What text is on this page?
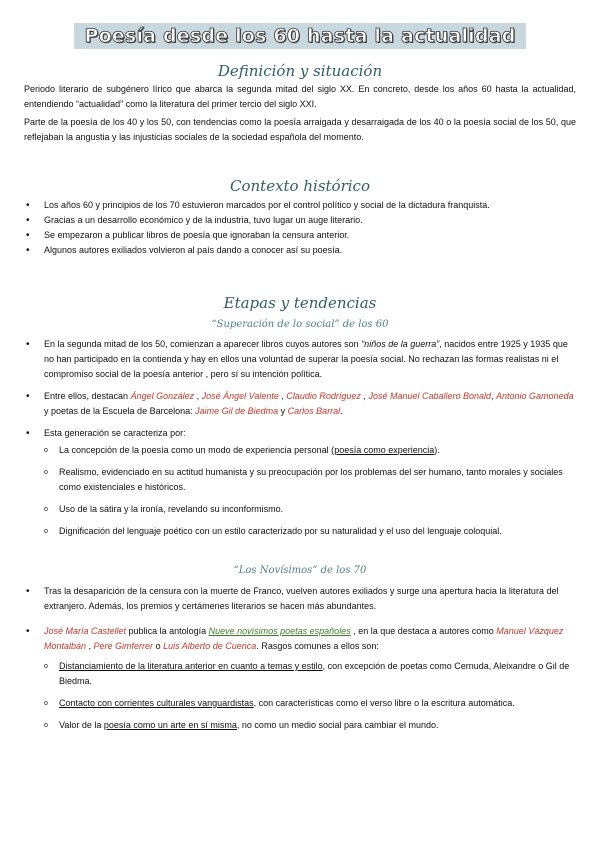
Poesía desde los 60 hasta la actualidad
Definición y situación

Periodo literario de subgénero lírico que abarca la segunda mitad del siglo XX. En concreto, desde los años 60 hasta la actualidad, entendiendo “actualidad” como la literatura del primer tercio del siglo XXI.

Parte de la poesía de los 40 y los 50, con tendencias como la poesía arraigada y desarraigada de los 40 o la poesía social de los 50, que reflejaban la angustia y las injusticias sociales de la sociedad española del momento.

Contexto histórico
• Los años 60 y principios de los 70 estuvieron marcados por el control político y social de la dictadura franquista.
• Gracias a un desarrollo económico y de la industria, tuvo lugar un auge literario.
• Se empezaron a publicar libros de poesía que ignoraban la censura anterior.
• Algunos autores exiliados volvieron al país dando a conocer así su poesía.
Etapas y tendencias
“Superación de lo social” de los 60
• En la segunda mitad de los 50, comienzan a aparecer libros cuyos autores son “niños de la guerra”, nacidos entre 1925 y 1935 que no han participado en la contienda y hay en ellos una voluntad de superar la poesía social. No rechazan las formas realistas ni el compromiso social de la poesía anterior , pero sí su intención política.
• Entre ellos, destacan Ángel González , José Ángel Valente , Claudio Rodríguez , José Manuel Caballero Bonald, Antonio Gamoneda y poetas de la Escuela de Barcelona: Jaime Gil de Biedma y Carlos Barral.
• Esta generación se caracteriza por:
o La concepción de la poesía como un modo de experiencia personal (poesía como experiencia).
o Realismo, evidenciado en su actitud humanista y su preocupación por los problemas del ser humano, tanto morales y sociales como existenciales e históricos.
o Uso de la sátira y la ironía, revelando su inconformismo.
o Dignificación del lenguaje poético con un estilo caracterizado por su naturalidad y el uso del lenguaje coloquial.
“Los Novísimos” de los 70
• Tras la desaparición de la censura con la muerte de Franco, vuelven autores exiliados y surge una apertura hacia la literatura del extranjero. Además, los premios y certámenes literarios se hacen más abundantes.
• José María Castellet publica la antología Nueve novísimos poetas españoles , en la que destaca a autores como Manuel Vázquez Montalbán , Pere Gimferrer o Luis Alberto de Cuenca. Rasgos comunes a ellos son:
o Distanciamiento de la literatura anterior en cuanto a temas y estilo, con excepción de poetas como Cernuda, Aleixandre o Gil de Biedma.
o Contacto con corrientes culturales vanguardistas, con características como el verso libre o la escritura automática.
o Valor de la poesía como un arte en sí misma, no como un medio social para cambiar el mundo.
